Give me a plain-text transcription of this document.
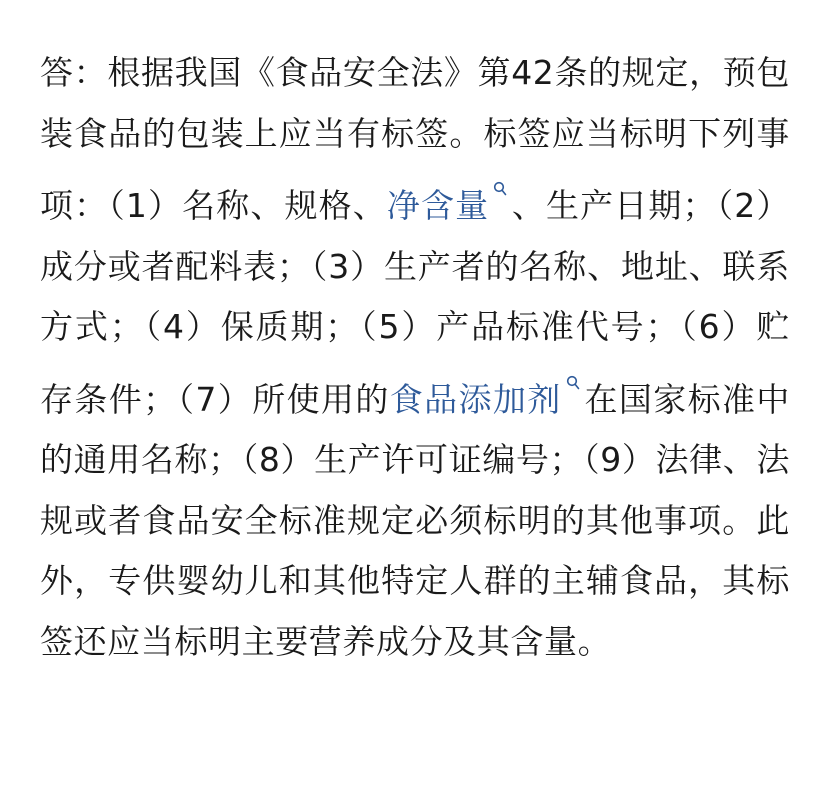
答：根据我国《食品安全法》第42条的规定，预包装食品的包装上应当有标签。标签应当标明下列事项：（1）名称、规格、净含量 、生产日期；（2）成分或者配料表；（3）生产者的名称、地址、联系方式；（4）保质期；（5）产品标准代号；（6）贮存条件；（7）所使用的食品添加剂 在国家标准中的通用名称；（8）生产许可证编号；（9）法律、法规或者食品安全标准规定必须标明的其他事项。此外，专供婴幼儿和其他特定人群的主辅食品，其标签还应当标明主要营养成分及其含量。
